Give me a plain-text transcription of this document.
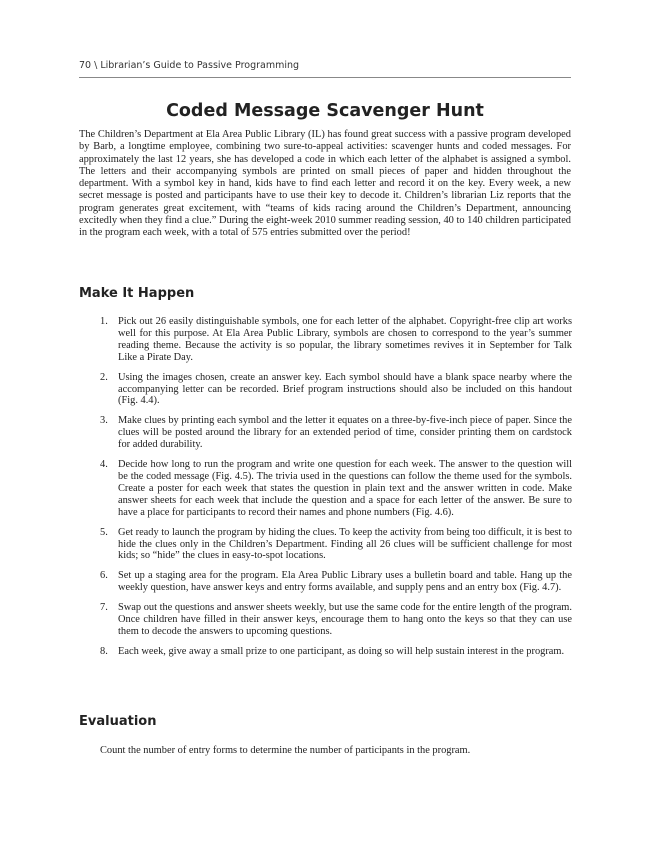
70 \ Librarian’s Guide to Passive Programming
Coded Message Scavenger Hunt

The Children’s Department at Ela Area Public Library (IL) has found great success with a passive program developed by Barb, a longtime employee, combining two sure-to-appeal activities: scavenger hunts and coded messages. For approximately the last 12 years, she has developed a code in which each letter of the alphabet is assigned a symbol. The letters and their accompanying symbols are printed on small pieces of paper and hidden throughout the department. With a symbol key in hand, kids have to find each letter and record it on the key. Every week, a new secret message is posted and participants have to use their key to decode it. Children’s librarian Liz reports that the program generates great excitement, with “teams of kids racing around the Children’s Department, announcing excitedly when they find a clue.” During the eight-week 2010 summer reading session, 40 to 140 children participated in the program each week, with a total of 575 entries submitted over the period!

Make It Happen
1. Pick out 26 easily distinguishable symbols, one for each letter of the alphabet. Copyright-free clip art works well for this purpose. At Ela Area Public Library, symbols are chosen to correspond to the year’s summer reading theme. Because the activity is so popular, the library sometimes revives it in September for Talk Like a Pirate Day.
2. Using the images chosen, create an answer key. Each symbol should have a blank space nearby where the accompanying letter can be recorded. Brief program instructions should also be included on this handout (Fig. 4.4).
3. Make clues by printing each symbol and the letter it equates on a three-by-five-inch piece of paper. Since the clues will be posted around the library for an extended period of time, consider printing them on cardstock for added durability.
4. Decide how long to run the program and write one question for each week. The answer to the question will be the coded message (Fig. 4.5). The trivia used in the questions can follow the theme used for the symbols. Create a poster for each week that states the question in plain text and the answer written in code. Make answer sheets for each week that include the question and a space for each letter of the answer. Be sure to have a place for participants to record their names and phone numbers (Fig. 4.6).
5. Get ready to launch the program by hiding the clues. To keep the activity from being too difficult, it is best to hide the clues only in the Children’s Department. Finding all 26 clues will be sufficient challenge for most kids; so “hide” the clues in easy-to-spot locations.
6. Set up a staging area for the program. Ela Area Public Library uses a bulletin board and table. Hang up the weekly question, have answer keys and entry forms available, and supply pens and an entry box (Fig. 4.7).
7. Swap out the questions and answer sheets weekly, but use the same code for the entire length of the program. Once children have filled in their answer keys, encourage them to hang onto the keys so that they can use them to decode the answers to upcoming questions.
8. Each week, give away a small prize to one participant, as doing so will help sustain interest in the program.
Evaluation

Count the number of entry forms to determine the number of participants in the program.
